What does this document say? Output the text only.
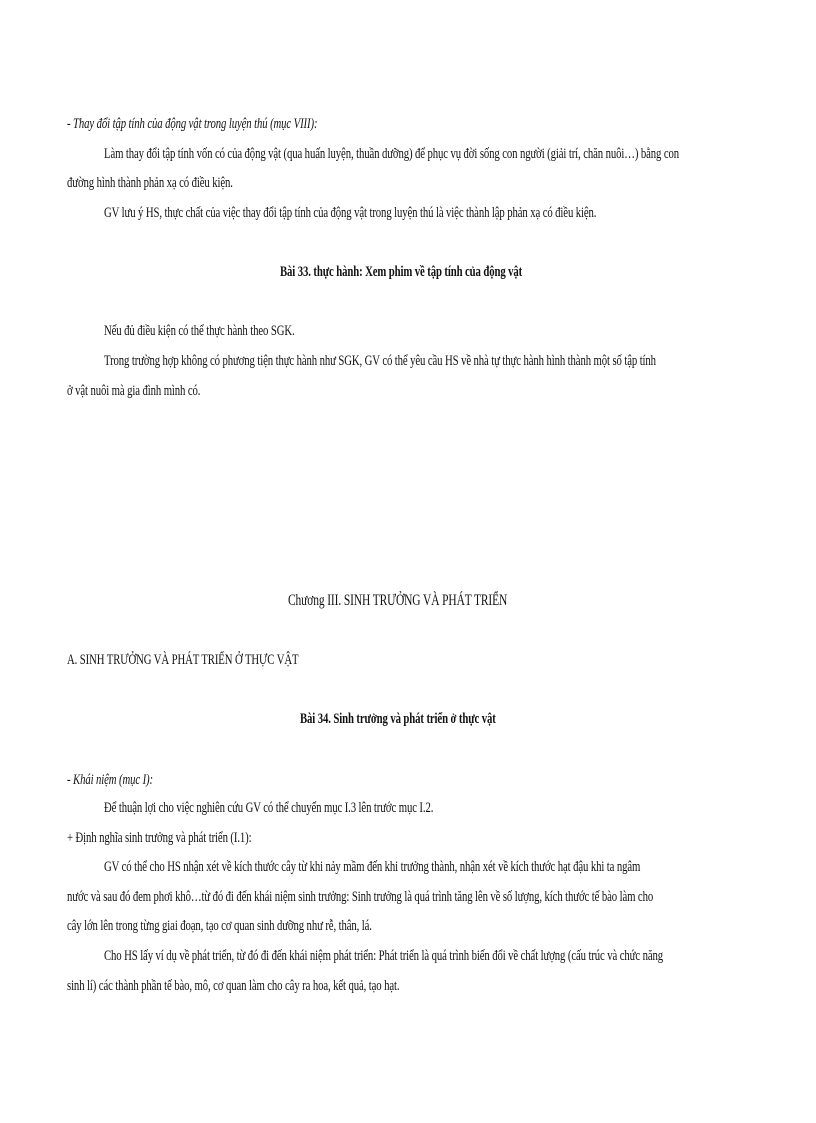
- Thay đổi tập tính của động vật trong luyện thú (mục VIII):
Làm thay đổi tập tính vốn có của động vật (qua huấn luyện, thuần dưỡng) để phục vụ đời sống con người (giải trí, chăn nuôi…) bằng con
đường hình thành phản xạ có điều kiện.
GV lưu ý HS, thực chất của việc thay đổi tập tính của động vật trong luyện thú là việc thành lập phản xạ có điều kiện.
Bài 33. thực hành: Xem phim về tập tính của động vật
Nếu đủ điều kiện có thể thực hành theo SGK.
Trong trường hợp không có phương tiện thực hành như SGK, GV có thể yêu cầu HS về nhà tự thực hành hình thành một số tập tính
ở vật nuôi mà gia đình mình có.
Chương III. SINH TRƯỞNG VÀ PHÁT TRIỂN
A. SINH TRƯỞNG VÀ PHÁT TRIỂN Ở THỰC VẬT
Bài 34. Sinh trưởng và phát triển ở thực vật
- Khái niệm (mục I):
Để thuận lợi cho việc nghiên cứu GV có thể chuyển mục I.3 lên trước mục I.2.
+ Định nghĩa sinh trưởng và phát triển (I.1):
GV có thể cho HS nhận xét về kích thước cây từ khi nảy mầm đến khi trưởng thành, nhận xét về kích thước hạt đậu khi ta ngâm
nước và sau đó đem phơi khô…từ đó đi đến khái niệm sinh trưởng: Sinh trưởng là quá trình tăng lên về số lượng, kích thước tế bào làm cho
cây lớn lên trong từng giai đoạn, tạo cơ quan sinh dưỡng như rễ, thân, lá.
Cho HS lấy ví dụ về phát triển, từ đó đi đến khái niệm phát triển: Phát triển là quá trình biến đổi về chất lượng (cấu trúc và chức năng
sinh lí) các thành phần tế bào, mô, cơ quan làm cho cây ra hoa, kết quả, tạo hạt.
